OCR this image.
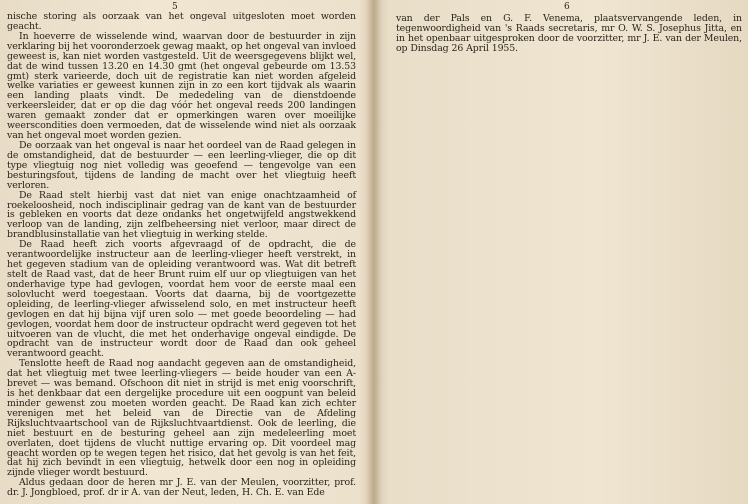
5

nische storing als oorzaak van het ongeval uitgesloten moet worden geacht.

In hoeverre de wisselende wind, waarvan door de bestuurder in zijn verklaring bij het vooronderzoek gewag maakt, op het ongeval van invloed geweest is, kan niet worden vastgesteld. Uit de weersgegevens blijkt wel, dat de wind tussen 13.20 en 14.30 gmt (het ongeval gebeurde om 13.53 gmt) sterk varieerde, doch uit de registratie kan niet worden afgeleid welke variaties er geweest kunnen zijn in zo een kort tijdvak als waarin een landing plaats vindt. De mededeling van de dienstdoende verkeersleider, dat er op die dag vóór het ongeval reeds 200 landingen waren gemaakt zonder dat er opmerkingen waren over moeilijke weerscondities doen vermoeden, dat de wisselende wind niet als oorzaak van het ongeval moet worden gezien.

De oorzaak van het ongeval is naar het oordeel van de Raad gelegen in de omstandigheid, dat de bestuurder — een leerling-vlieger, die op dit type vliegtuig nog niet volledig was geoefend — tengevolge van een besturingsfout, tijdens de landing de macht over het vliegtuig heeft verloren.

De Raad stelt hierbij vast dat niet van enige onachtzaamheid of roekeloosheid, noch indisciplinair gedrag van de kant van de bestuurder is gebleken en voorts dat deze ondanks het ongetwijfeld angstwekkend verloop van de landing, zijn zelfbeheersing niet verloor, maar direct de brandblusinstallatie van het vliegtuig in werking stelde.

De Raad heeft zich voorts afgevraagd of de opdracht, die de verantwoordelijke instructeur aan de leerling-vlieger heeft verstrekt, in het gegeven stadium van de opleiding verantwoord was. Wat dit betreft stelt de Raad vast, dat de heer Brunt ruim elf uur op vliegtuigen van het onderhavige type had gevlogen, voordat hem voor de eerste maal een solovlucht werd toegestaan. Voorts dat daarna, bij de voortgezette opleiding, de leerling-vlieger afwisselend solo, en met instructeur heeft gevlogen en dat hij bijna vijf uren solo — met goede beoordeling — had gevlogen, voordat hem door de instructeur opdracht werd gegeven tot het uitvoeren van de vlucht, die met het onderhavige ongeval eindigde. De opdracht van de instructeur wordt door de Raad dan ook geheel verantwoord geacht.

Tenslotte heeft de Raad nog aandacht gegeven aan de omstandigheid, dat het vliegtuig met twee leerling-vliegers — beide houder van een A-brevet — was bemand. Ofschoon dit niet in strijd is met enig voorschrift, is het denkbaar dat een dergelijke procedure uit een oogpunt van beleid minder gewenst zou moeten worden geacht. De Raad kan zich echter verenigen met het beleid van de Directie van de Afdeling Rijksluchtvaartschool van de Rijksluchtvaartdienst. Ook de leerling, die niet bestuurt en de besturing geheel aan zijn medeleerling moet overlaten, doet tijdens de vlucht nuttige ervaring op. Dit voordeel mag geacht worden op te wegen tegen het risico, dat het gevolg is van het feit, dat hij zich bevindt in een vliegtuig, hetwelk door een nog in opleiding zijnde vlieger wordt bestuurd.

Aldus gedaan door de heren mr J. E. van der Meulen, voorzitter, prof. dr. J. Jongbloed, prof. dr ir A. van der Neut, leden, H. Ch. E. van Ede

6

van der Pals en G. F. Venema, plaatsvervangende leden, in tegenwoordigheid van 's Raads secretaris, mr O. W. S. Josephus Jitta, en in het openbaar uitgesproken door de voorzitter, mr J. E. van der Meulen, op Dinsdag 26 April 1955.
